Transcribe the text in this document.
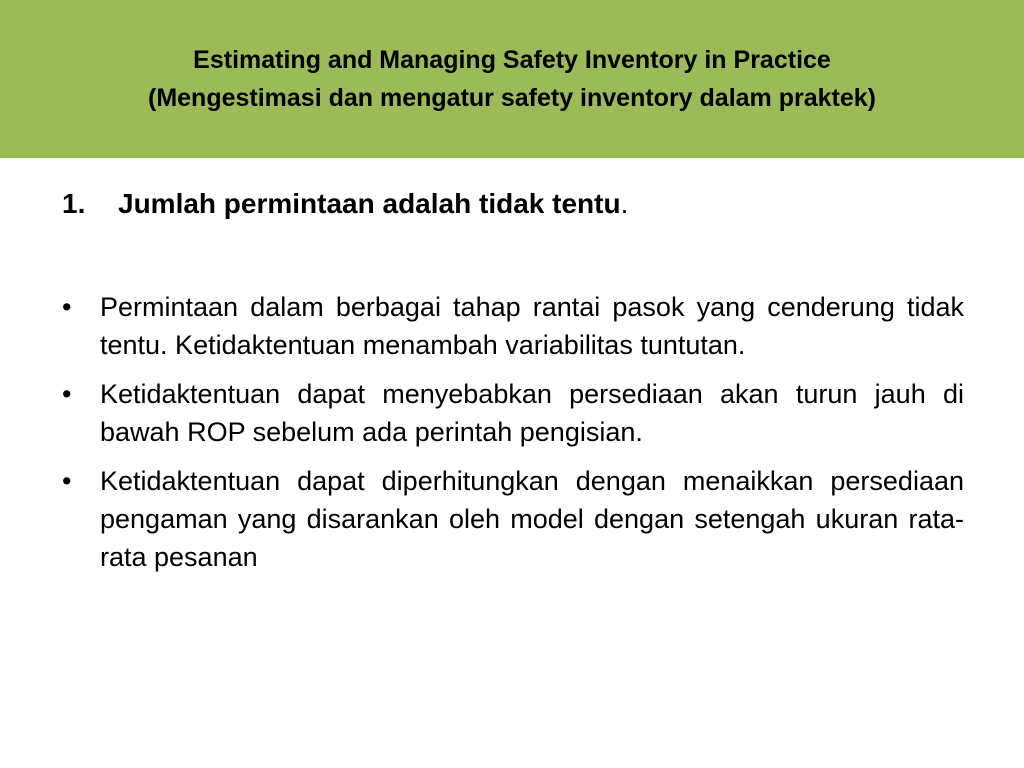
Estimating and Managing Safety Inventory in Practice
(Mengestimasi dan mengatur safety inventory dalam praktek)
1. Jumlah permintaan adalah tidak tentu.
•	Permintaan dalam berbagai tahap rantai pasok yang cenderung tidak tentu. Ketidaktentuan menambah variabilitas tuntutan.
•	Ketidaktentuan dapat menyebabkan persediaan akan turun jauh di bawah ROP sebelum ada perintah pengisian.
•	Ketidaktentuan dapat diperhitungkan dengan menaikkan persediaan pengaman yang disarankan oleh model dengan setengah ukuran rata-rata pesanan
